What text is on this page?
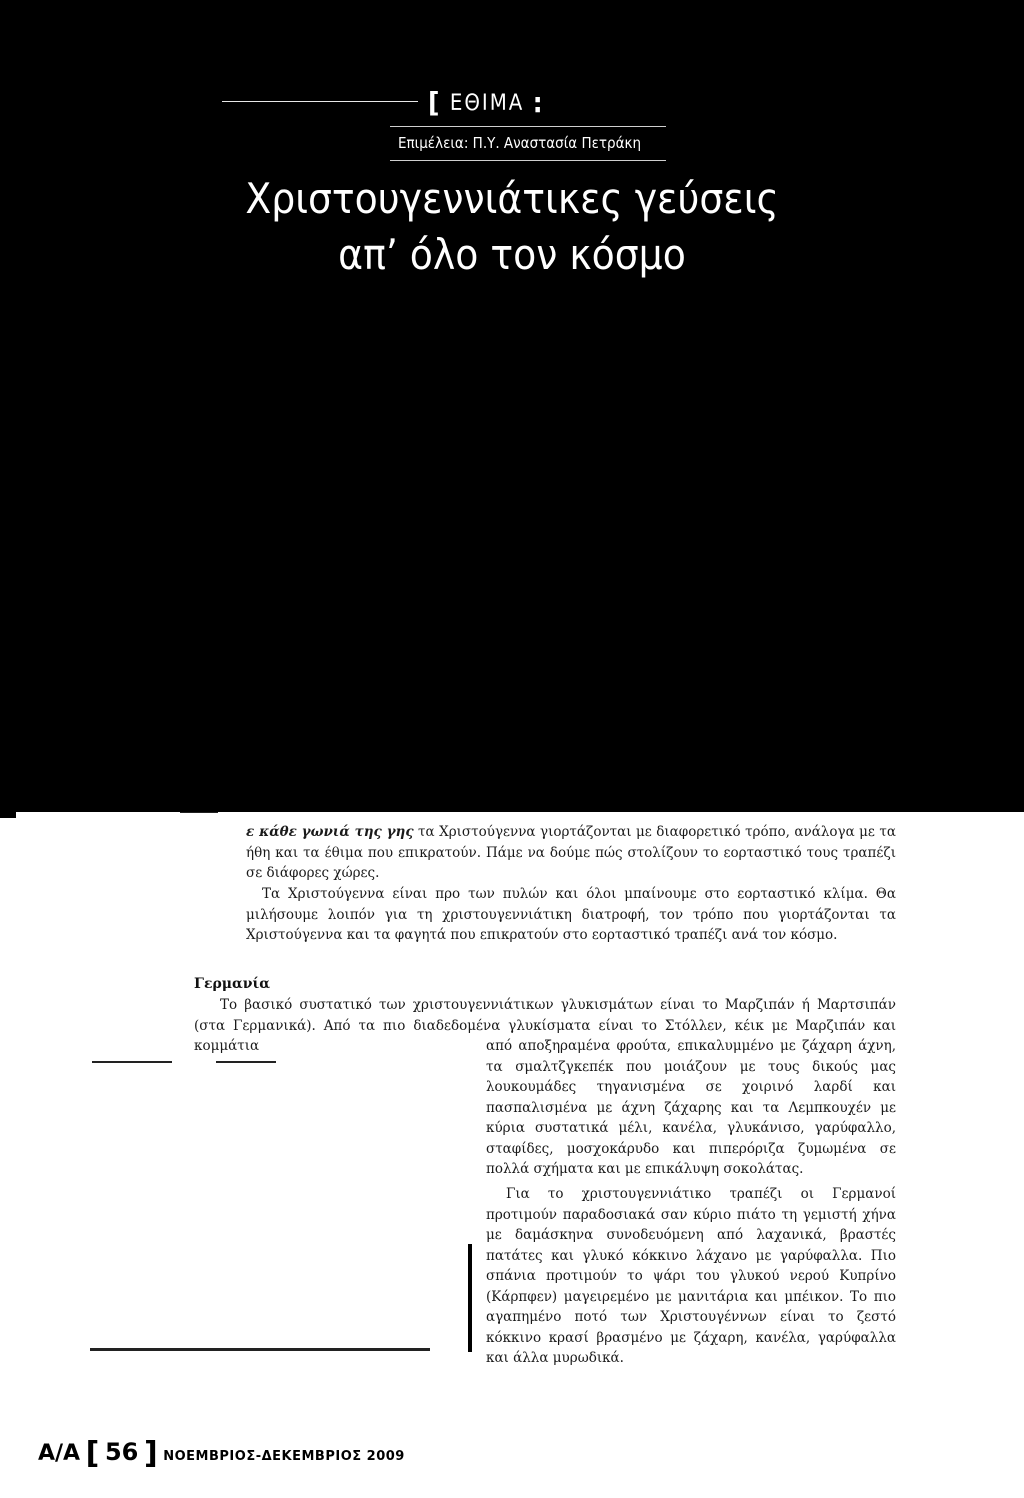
[ ΕΘΙΜΑ :
Επιμέλεια: Π.Υ. Αναστασία Πετράκη
Χριστουγεννιάτικες γεύσεις
απ’ όλο τον κόσμο
ε κάθε γωνιά της γης τα Χριστούγεννα γιορτάζονται με διαφορετικό τρόπο, ανάλογα με τα ήθη και τα έθιμα που επικρατούν. Πάμε να δούμε πώς στολίζουν το εορταστικό τους τραπέζι σε διάφορες χώρες.
Τα Χριστούγεννα είναι προ των πυλών και όλοι μπαίνουμε στο εορταστικό κλίμα. Θα μιλήσουμε λοιπόν για τη χριστουγεννιάτικη διατροφή, τον τρόπο που γιορτάζονται τα Χριστούγεννα και τα φαγητά που επικρατούν στο εορταστικό τραπέζι ανά τον κόσμο.
Γερμανία
Το βασικό συστατικό των χριστουγεννιάτικων γλυκισμάτων είναι το Μαρζιπάν ή Μαρτσιπάν (στα Γερμανικά). Από τα πιο διαδεδομένα γλυκίσματα είναι το Στόλλεν, κέικ με Μαρζιπάν και κομμάτια	από αποξηραμένα φρούτα, επικαλυμμένο με ζάχαρη άχνη, τα σμαλτζγκεπέκ που μοιάζουν με τους δικούς μας λουκουμάδες τηγανισμένα σε χοιρινό λαρδί και πασπαλισμένα με άχνη ζάχαρης και τα Λεμπκουχέν με κύρια συστατικά μέλι, κανέλα, γλυκάνισο, γαρύφαλλο, σταφίδες, μοσχοκάρυδο και πιπερόριζα ζυμωμένα σε πολλά σχήματα και με επικάλυψη σοκολάτας.
Για το χριστουγεννιάτικο τραπέζι οι Γερμανοί προτιμούν παραδοσιακά σαν κύριο πιάτο τη γεμιστή χήνα με δαμάσκηνα συνοδευόμενη από λαχανικά, βραστές πατάτες και γλυκό κόκκινο λάχανο με γαρύφαλλα. Πιο σπάνια προτιμούν το ψάρι του γλυκού νερού Κυπρίνο (Κάρπφεν) μαγειρεμένο με μανιτάρια και μπέικον. Το πιο αγαπημένο ποτό των Χριστουγέννων είναι το ζεστό κόκκινο κρασί βρασμένο με ζάχαρη, κανέλα, γαρύφαλλα και άλλα μυρωδικά.
Α/Α [ 56 ] ΝΟΕΜΒΡΙΟΣ-ΔΕΚΕΜΒΡΙΟΣ 2009
